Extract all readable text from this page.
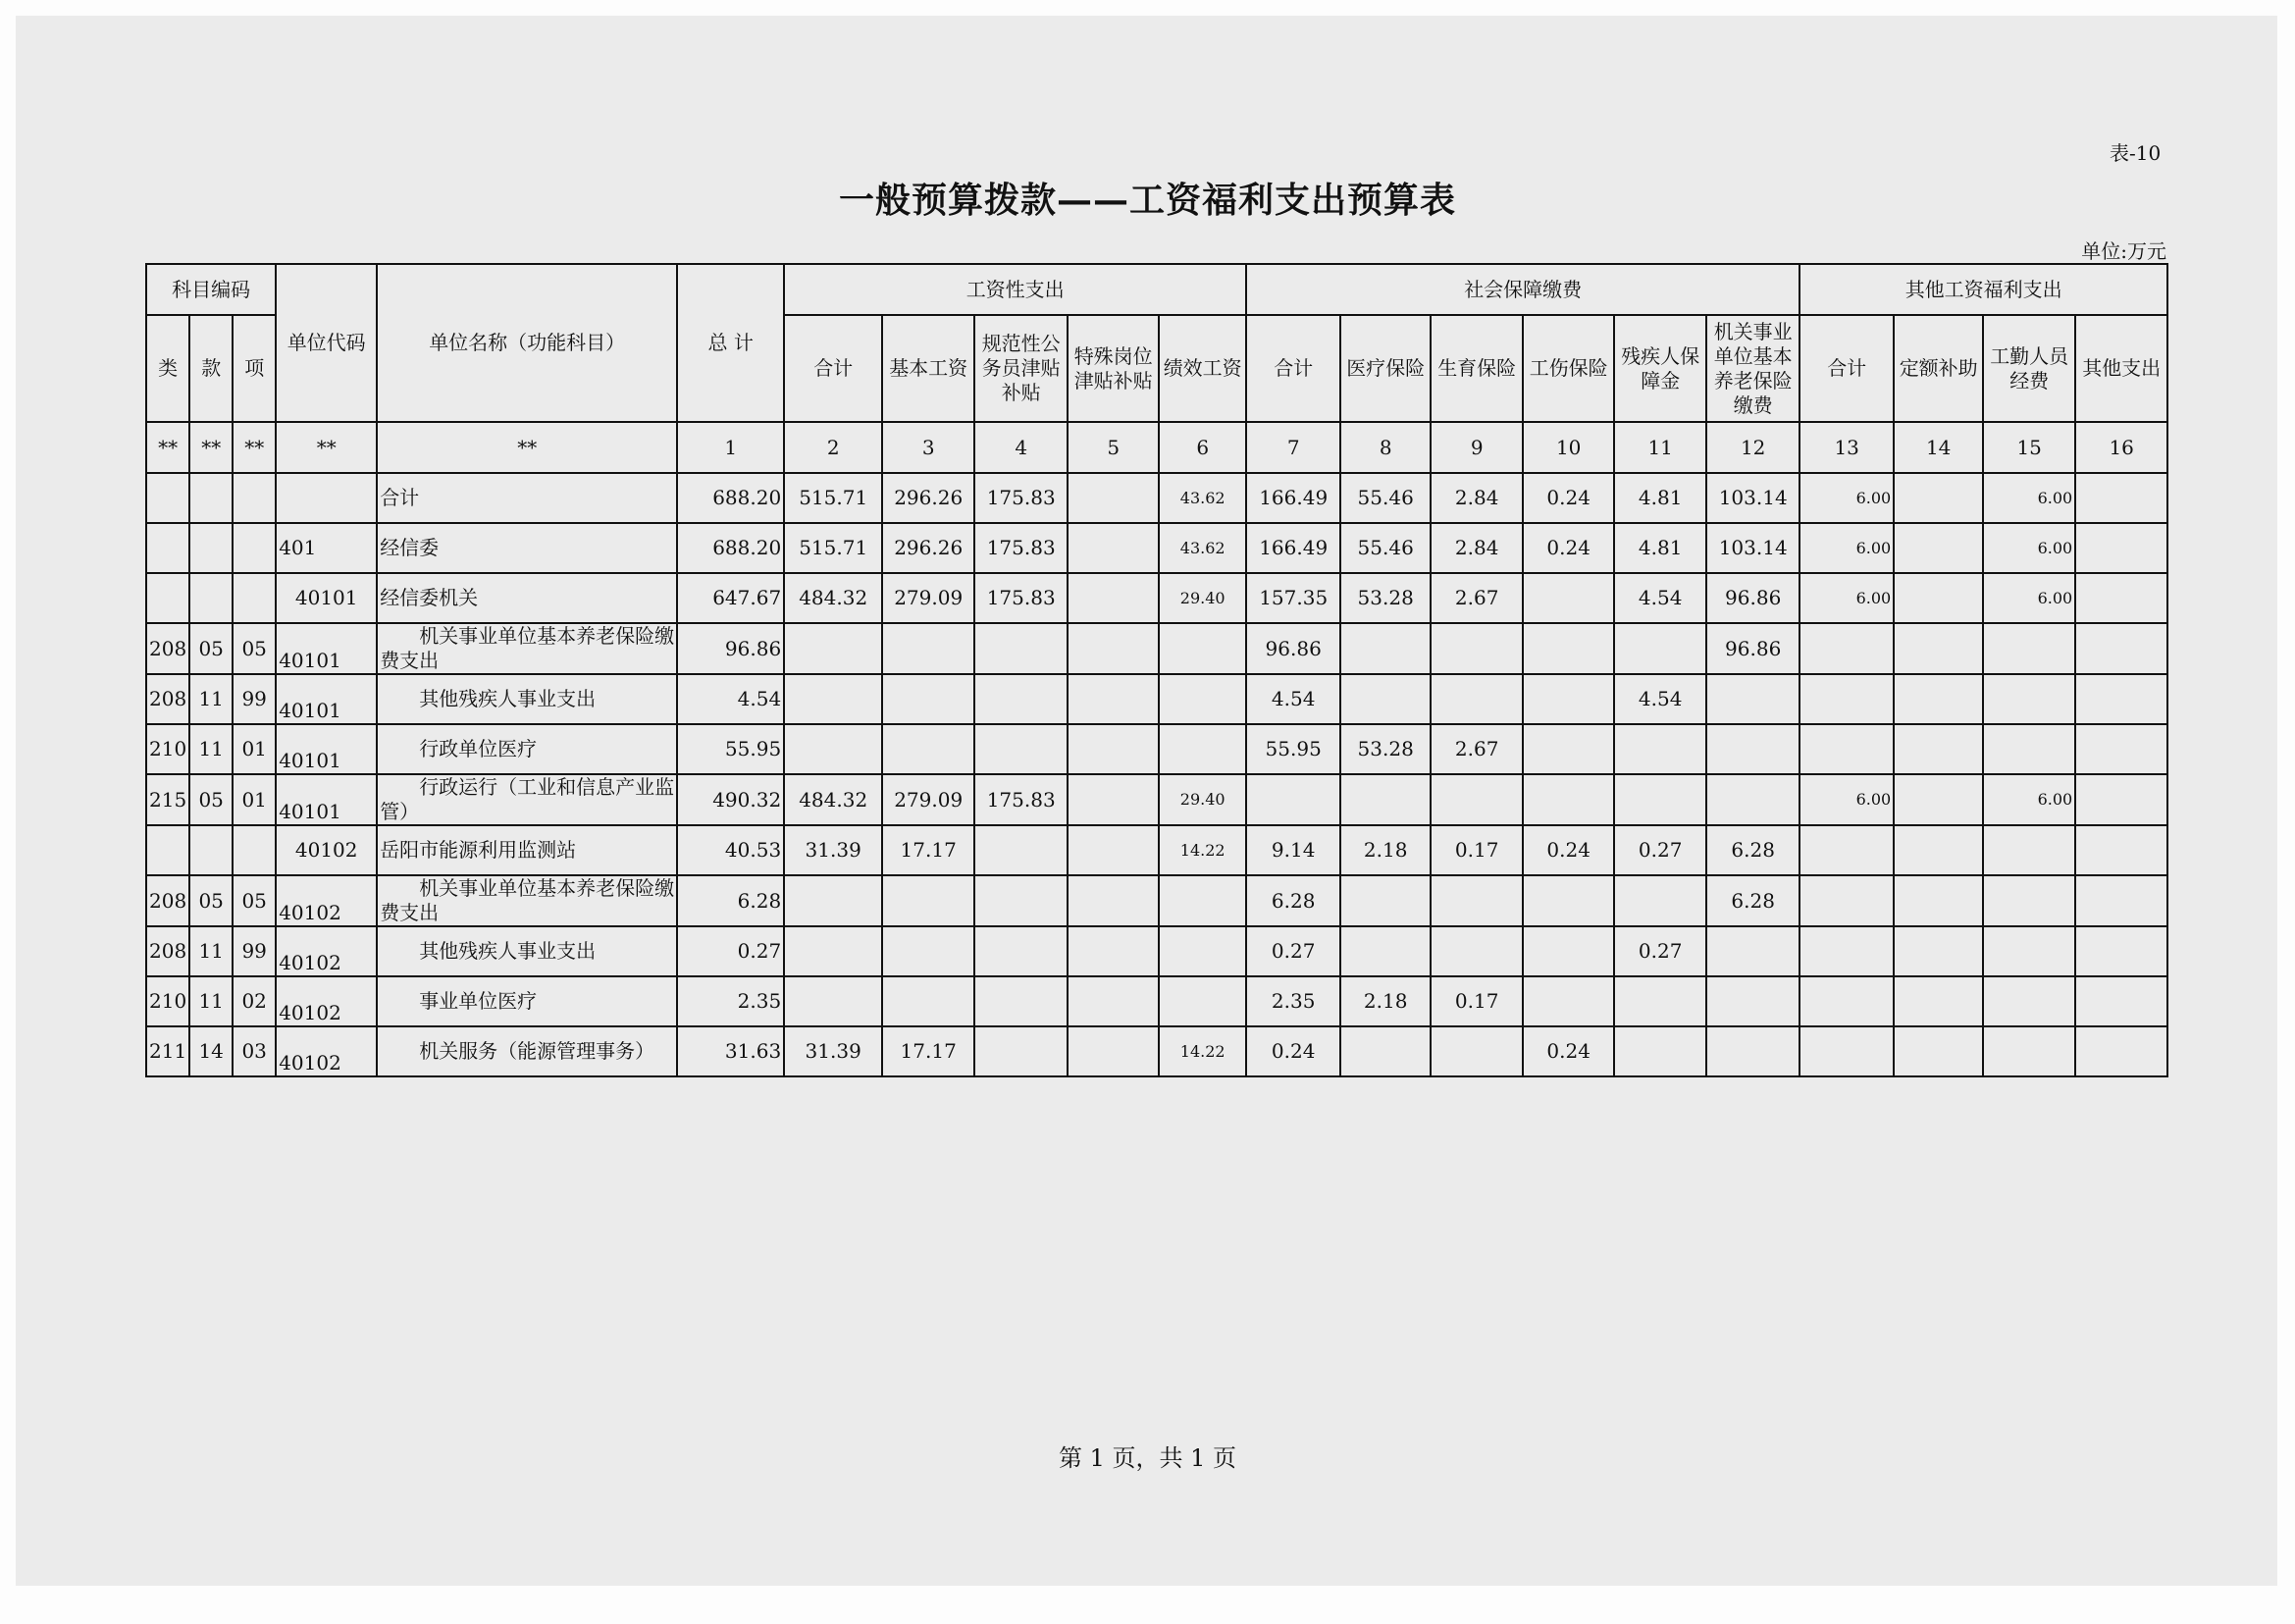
表-10
一般预算拨款——工资福利支出预算表
单位:万元
科目编码			单位代码	单位名称（功能科目）	总 计	工资性支出					社会保障缴费						其他工资福利支出			
类	款	项				合计	基本工资	规范性公务员津贴补贴	特殊岗位津贴补贴	绩效工资	合计	医疗保险	生育保险	工伤保险	残疾人保障金	机关事业单位基本养老保险缴费	合计	定额补助	工勤人员经费	其他支出
**	**	**	**	**	1	2	3	4	5	6	7	8	9	10	11	12	13	14	15	16
				合计	688.20	515.71	296.26	175.83		43.62	166.49	55.46	2.84	0.24	4.81	103.14	6.00		6.00	
			401	经信委	688.20	515.71	296.26	175.83		43.62	166.49	55.46	2.84	0.24	4.81	103.14	6.00		6.00	
			40101	经信委机关	647.67	484.32	279.09	175.83		29.40	157.35	53.28	2.67		4.54	96.86	6.00		6.00	
208	05	05	40101	机关事业单位基本养老保险缴费支出	96.86						96.86					96.86				
208	11	99	40101	其他残疾人事业支出	4.54						4.54				4.54					
210	11	01	40101	行政单位医疗	55.95						55.95	53.28	2.67							
215	05	01	40101	行政运行（工业和信息产业监管）	490.32	484.32	279.09	175.83		29.40							6.00		6.00	
			40102	岳阳市能源利用监测站	40.53	31.39	17.17			14.22	9.14	2.18	0.17	0.24	0.27	6.28				
208	05	05	40102	机关事业单位基本养老保险缴费支出	6.28						6.28					6.28				
208	11	99	40102	其他残疾人事业支出	0.27						0.27				0.27					
210	11	02	40102	事业单位医疗	2.35						2.35	2.18	0.17							
211	14	03	40102	机关服务（能源管理事务）	31.63	31.39	17.17			14.22	0.24			0.24						
第 1 页，共 1 页
